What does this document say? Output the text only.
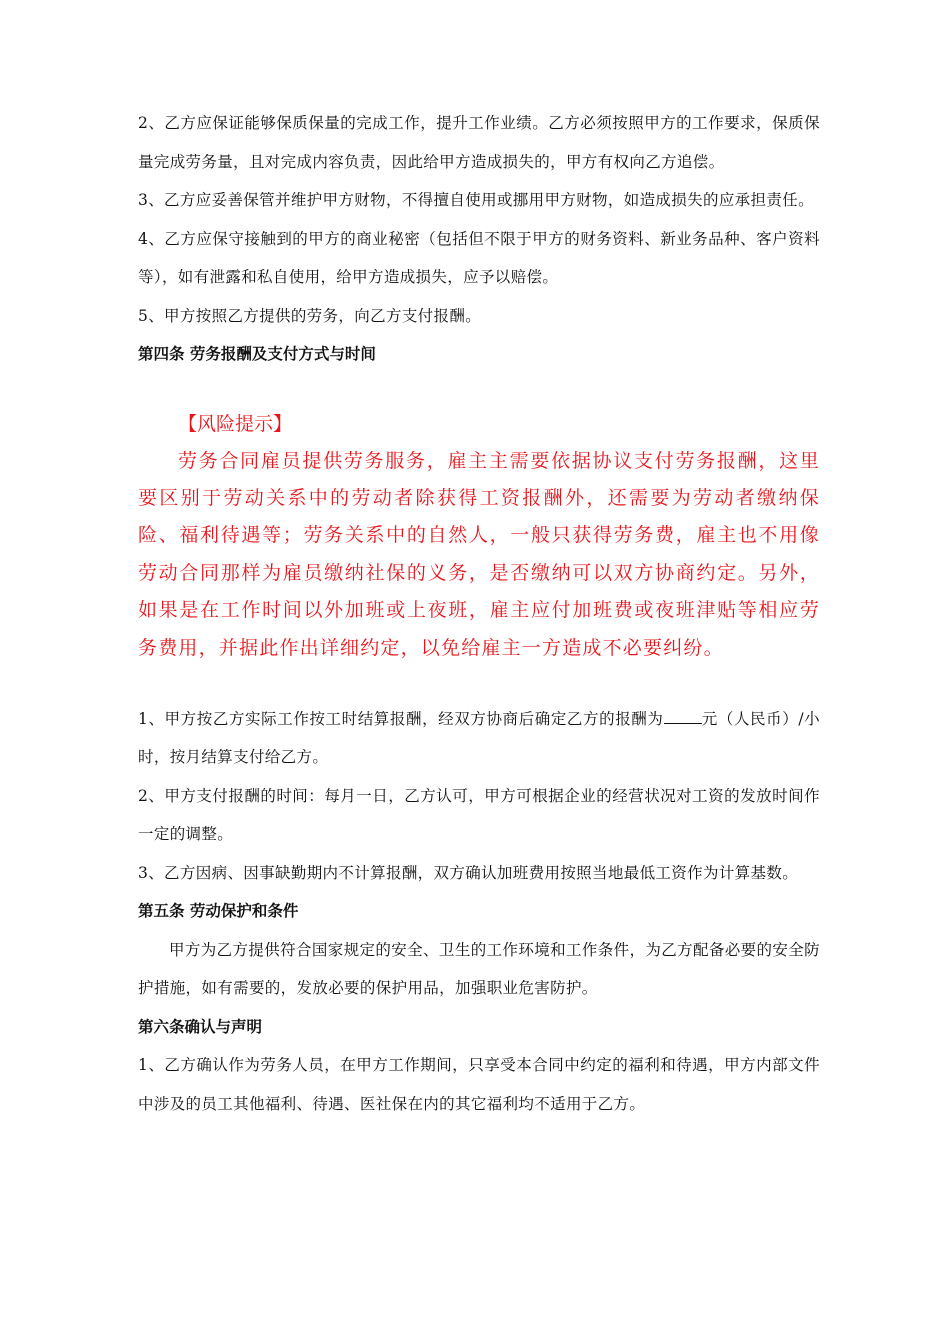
2、乙方应保证能够保质保量的完成工作，提升工作业绩。乙方必须按照甲方的工作要求，保质保量完成劳务量，且对完成内容负责，因此给甲方造成损失的，甲方有权向乙方追偿。

3、乙方应妥善保管并维护甲方财物，不得擅自使用或挪用甲方财物，如造成损失的应承担责任。

4、乙方应保守接触到的甲方的商业秘密（包括但不限于甲方的财务资料、新业务品种、客户资料等），如有泄露和私自使用，给甲方造成损失，应予以赔偿。

5、甲方按照乙方提供的劳务，向乙方支付报酬。

第四条 劳务报酬及支付方式与时间

【风险提示】

劳务合同雇员提供劳务服务，雇主主需要依据协议支付劳务报酬，这里要区别于劳动关系中的劳动者除获得工资报酬外，还需要为劳动者缴纳保险、福利待遇等；劳务关系中的自然人，一般只获得劳务费，雇主也不用像劳动合同那样为雇员缴纳社保的义务，是否缴纳可以双方协商约定。另外，如果是在工作时间以外加班或上夜班，雇主应付加班费或夜班津贴等相应劳务费用，并据此作出详细约定，以免给雇主一方造成不必要纠纷。

1、甲方按乙方实际工作按工时结算报酬，经双方协商后确定乙方的报酬为 元（人民币）/小时，按月结算支付给乙方。

2、甲方支付报酬的时间：每月一日，乙方认可，甲方可根据企业的经营状况对工资的发放时间作一定的调整。

3、乙方因病、因事缺勤期内不计算报酬，双方确认加班费用按照当地最低工资作为计算基数。

第五条 劳动保护和条件

甲方为乙方提供符合国家规定的安全、卫生的工作环境和工作条件，为乙方配备必要的安全防护措施，如有需要的，发放必要的保护用品，加强职业危害防护。

第六条确认与声明

1、乙方确认作为劳务人员，在甲方工作期间，只享受本合同中约定的福利和待遇，甲方内部文件中涉及的员工其他福利、待遇、医社保在内的其它福利均不适用于乙方。
